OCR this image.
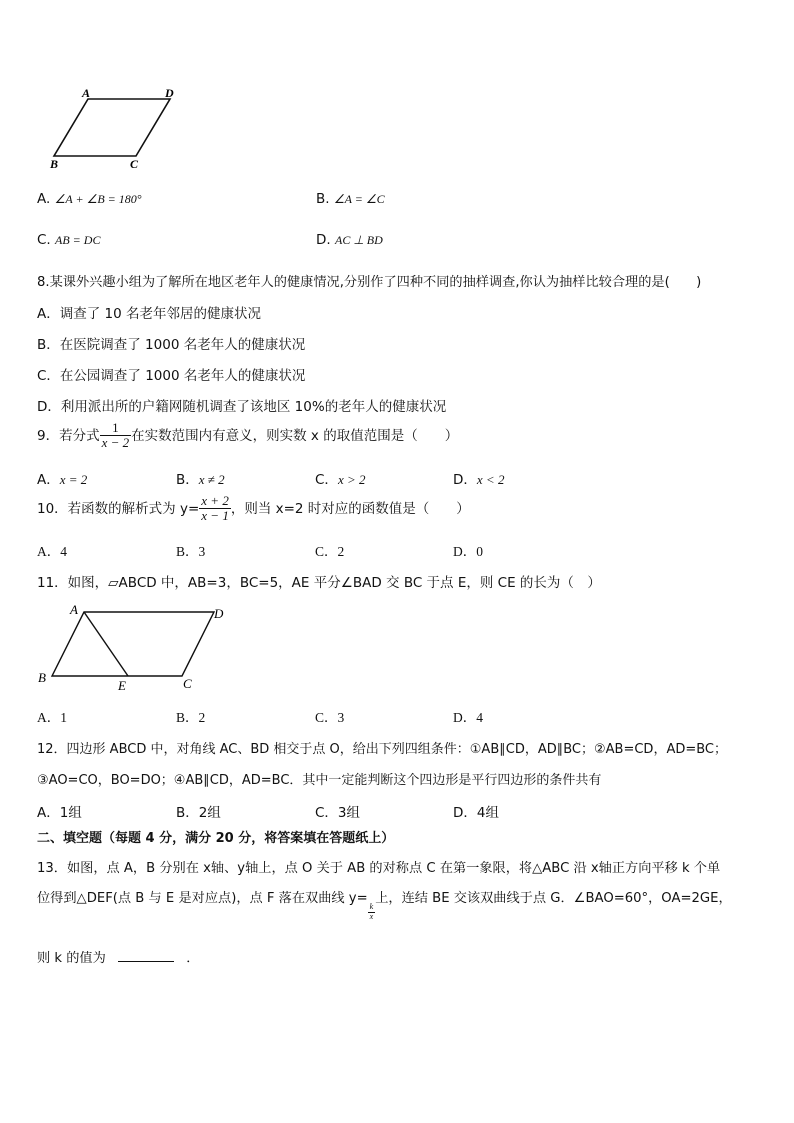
A	D
B	C
A. ∠A + ∠B = 180°	B. ∠A = ∠C
C. AB = DC	D. AC ⊥ BD
8.某课外兴趣小组为了解所在地区老年人的健康情况,分别作了四种不同的抽样调查,你认为抽样比较合理的是(　　)
A．调查了 10 名老年邻居的健康状况
B．在医院调查了 1000 名老年人的健康状况
C．在公园调查了 1000 名老年人的健康状况
D．利用派出所的户籍网随机调查了该地区 10%的老年人的健康状况
9．若分式 $\frac{1}{x - 2}$ 在实数范围内有意义，则实数 x 的取值范围是（　　）
A．x = 2	B．x ≠ 2	C．x > 2	D．x < 2
10．若函数的解析式为 $y= \frac{x + 2}{x - 1}$ ，则当 x=2 时对应的函数值是（　　）
A．4	B．3	C．2	D．0
11．如图，▱ABCD 中，AB=3，BC=5，AE 平分∠BAD 交 BC 于点 E，则 CE 的长为（　）
A	D
B
E	C
A．1	B．2	C．3	D．4
12．四边形 ABCD 中，对角线 AC、BD 相交于点 O，给出下列四组条件：①AB∥CD，AD∥BC；②AB=CD，AD=BC；
③AO=CO，BO=DO；④AB∥CD，AD=BC．其中一定能判断这个四边形是平行四边形的条件共有
A．1组	B．2组	C．3组	D．4组
二、填空题（每题 4 分，满分 20 分，将答案填在答题纸上）
13．如图，点 A，B 分别在 x轴、y轴上，点 O 关于 AB 的对称点 C 在第一象限，将△ABC 沿 x轴正方向平移 k 个单
位得到△DEF(点 B 与 E 是对应点)，点 F 落在双曲线 y=
$\frac{k}{x}$
上，连结 BE 交该双曲线于点 G．∠BAO=60°，OA=2GE，
则 k 的值为	．
